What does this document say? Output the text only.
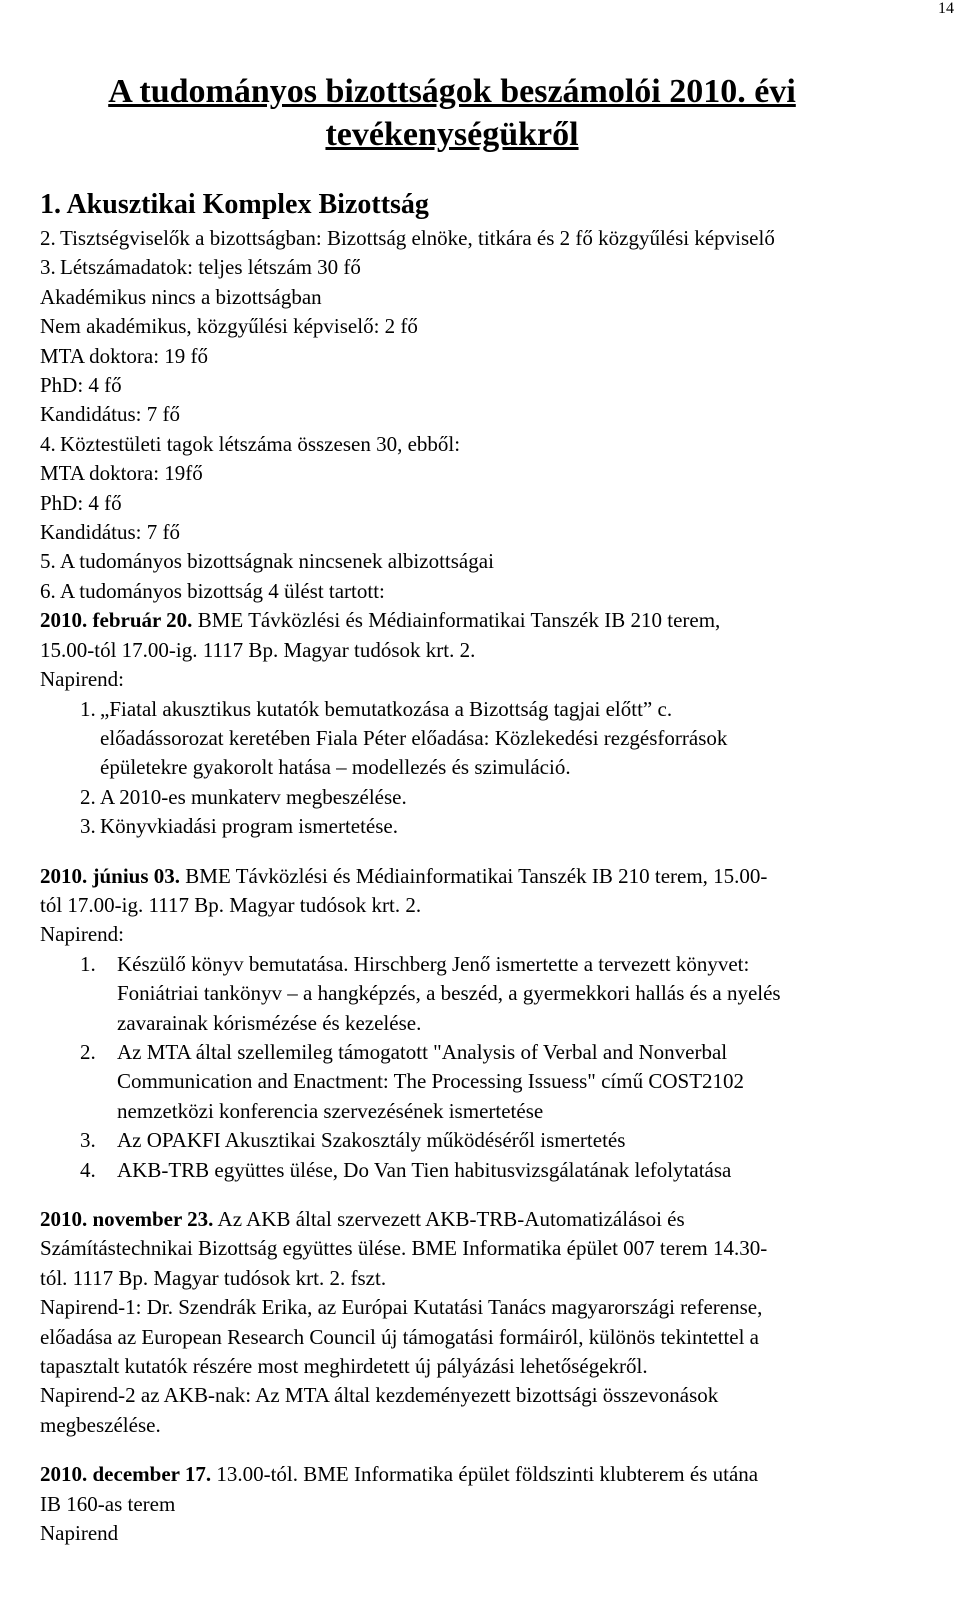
14
A tudományos bizottságok beszámolói 2010. évi
tevékenységükről
1. Akusztikai Komplex Bizottság
2. Tisztségviselők a bizottságban: Bizottság elnöke, titkára és 2 fő közgyűlési képviselő
3. Létszámadatok: teljes létszám 30 fő
Akadémikus nincs a bizottságban
Nem akadémikus, közgyűlési képviselő: 2 fő
MTA doktora: 19 fő
PhD: 4 fő
Kandidátus: 7 fő
4. Köztestületi tagok létszáma összesen 30, ebből:
MTA doktora: 19fő
PhD: 4 fő
Kandidátus: 7 fő
5. A tudományos bizottságnak nincsenek albizottságai
6. A tudományos bizottság 4 ülést tartott:
2010. február 20. BME Távközlési és Médiainformatikai Tanszék IB 210 terem,
15.00-tól 17.00-ig. 1117 Bp. Magyar tudósok krt. 2.
Napirend:
1. „Fiatal akusztikus kutatók bemutatkozása a Bizottság tagjai előtt” c.
előadássorozat keretében Fiala Péter előadása: Közlekedési rezgésforrások
épületekre gyakorolt hatása – modellezés és szimuláció.
2. A 2010-es munkaterv megbeszélése.
3. Könyvkiadási program ismertetése.
2010. június 03. BME Távközlési és Médiainformatikai Tanszék IB 210 terem, 15.00-
tól 17.00-ig. 1117 Bp. Magyar tudósok krt. 2.
Napirend:
1.	Készülő könyv bemutatása. Hirschberg Jenő ismertette a tervezett könyvet:
Foniátriai tankönyv – a hangképzés, a beszéd, a gyermekkori hallás és a nyelés
zavarainak kórismézése és kezelése.
2.	Az MTA által szellemileg támogatott "Analysis of Verbal and Nonverbal
Communication and Enactment: The Processing Issuess" című COST2102
nemzetközi konferencia szervezésének ismertetése
3.	Az OPAKFI Akusztikai Szakosztály működéséről ismertetés
4.	AKB-TRB együttes ülése, Do Van Tien habitusvizsgálatának lefolytatása
2010. november 23. Az AKB által szervezett AKB-TRB-Automatizálásoi és
Számítástechnikai Bizottság együttes ülése. BME Informatika épület 007 terem 14.30-
tól. 1117 Bp. Magyar tudósok krt. 2. fszt.
Napirend-1: Dr. Szendrák Erika, az Európai Kutatási Tanács magyarországi referense,
előadása az European Research Council új támogatási formáiról, különös tekintettel a
tapasztalt kutatók részére most meghirdetett új pályázási lehetőségekről.
Napirend-2 az AKB-nak: Az MTA által kezdeményezett bizottsági összevonások
megbeszélése.
2010. december 17. 13.00-tól. BME Informatika épület földszinti klubterem és utána
IB 160-as terem
Napirend
